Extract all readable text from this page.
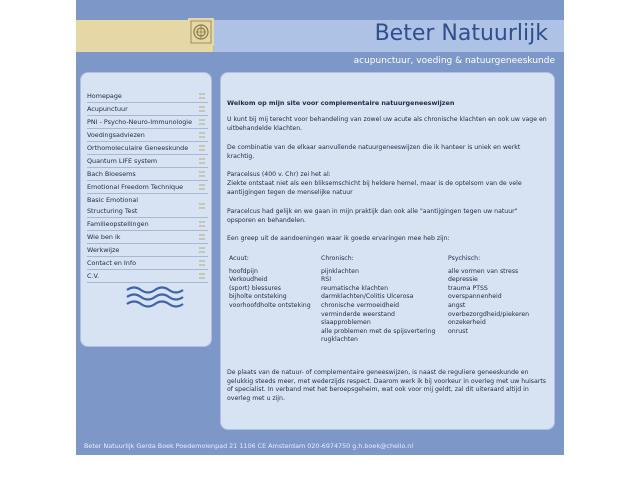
Beter Natuurlijk
acupunctuur, voeding & natuurgeneeskunde
Homepage
Acupunctuur
PNI - Psycho-Neuro-Immunologie
Voedingsadviezen
Orthomoleculaire Geneeskunde
Quantum LIFE system
Bach Bloesems
Emotional Freedom Technique
Basic Emotional Structuring Test
Familieopstellingen
Wie ben ik
Werkwijze
Contact en Info
C.V.
Welkom op mijn site voor complementaire natuurgeneeswijzen

U kunt bij mij terecht voor behandeling van zowel uw acute als chronische klachten en ook uw vage en uitbehandelde klachten.

De combinatie van de elkaar aanvullende natuurgeneeswijzen die ik hanteer is uniek en werkt krachtig.

Paracelsus (400 v. Chr) zei het al:

Ziekte ontstaat niet als een bliksemschicht bij heldere hemel, maar is de optelsom van de vele aantijgingen tegen de menselijke natuur

Paracelcus had gelijk en we gaan in mijn praktijk dan ook alle "aantijgingen tegen uw natuur" opsporen en behandelen.

Een greep uit de aandoeningen waar ik goede ervaringen mee heb zijn:

Acuut:
hoofdpijn
Verkoudheid
(sport) blessures
bijholte ontsteking
voorhoofdholte ontsteking
Chronisch:
pijnklachten
RSI
reumatische klachten
darmklachten/Colitis Ulcerosa
chronische vermoeidheid
verminderde weerstand
slaapproblemen
alle problemen met de spijsvertering
rugklachten
Psychisch:
alle vormen van stress
depressie
trauma PTSS
overspannenheid
angst
overbezorgdheid/piekeren
onzekerheid
onrust

De plaats van de natuur- of complementaire geneeswijzen, is naast de reguliere geneeskunde en gelukkig steeds meer, met wederzijds respect. Daarom werk ik bij voorkeur in overleg met uw huisarts of specialist. In verband met het beroepsgeheim, wat ook voor mij geldt, zal dit uiteraard altijd in overleg met u zijn.

Beter Natuurlijk Gerda Boek Poedemolenpad 21 1106 CE Amsterdam 020-6974750 g.h.boek@chello.nl
